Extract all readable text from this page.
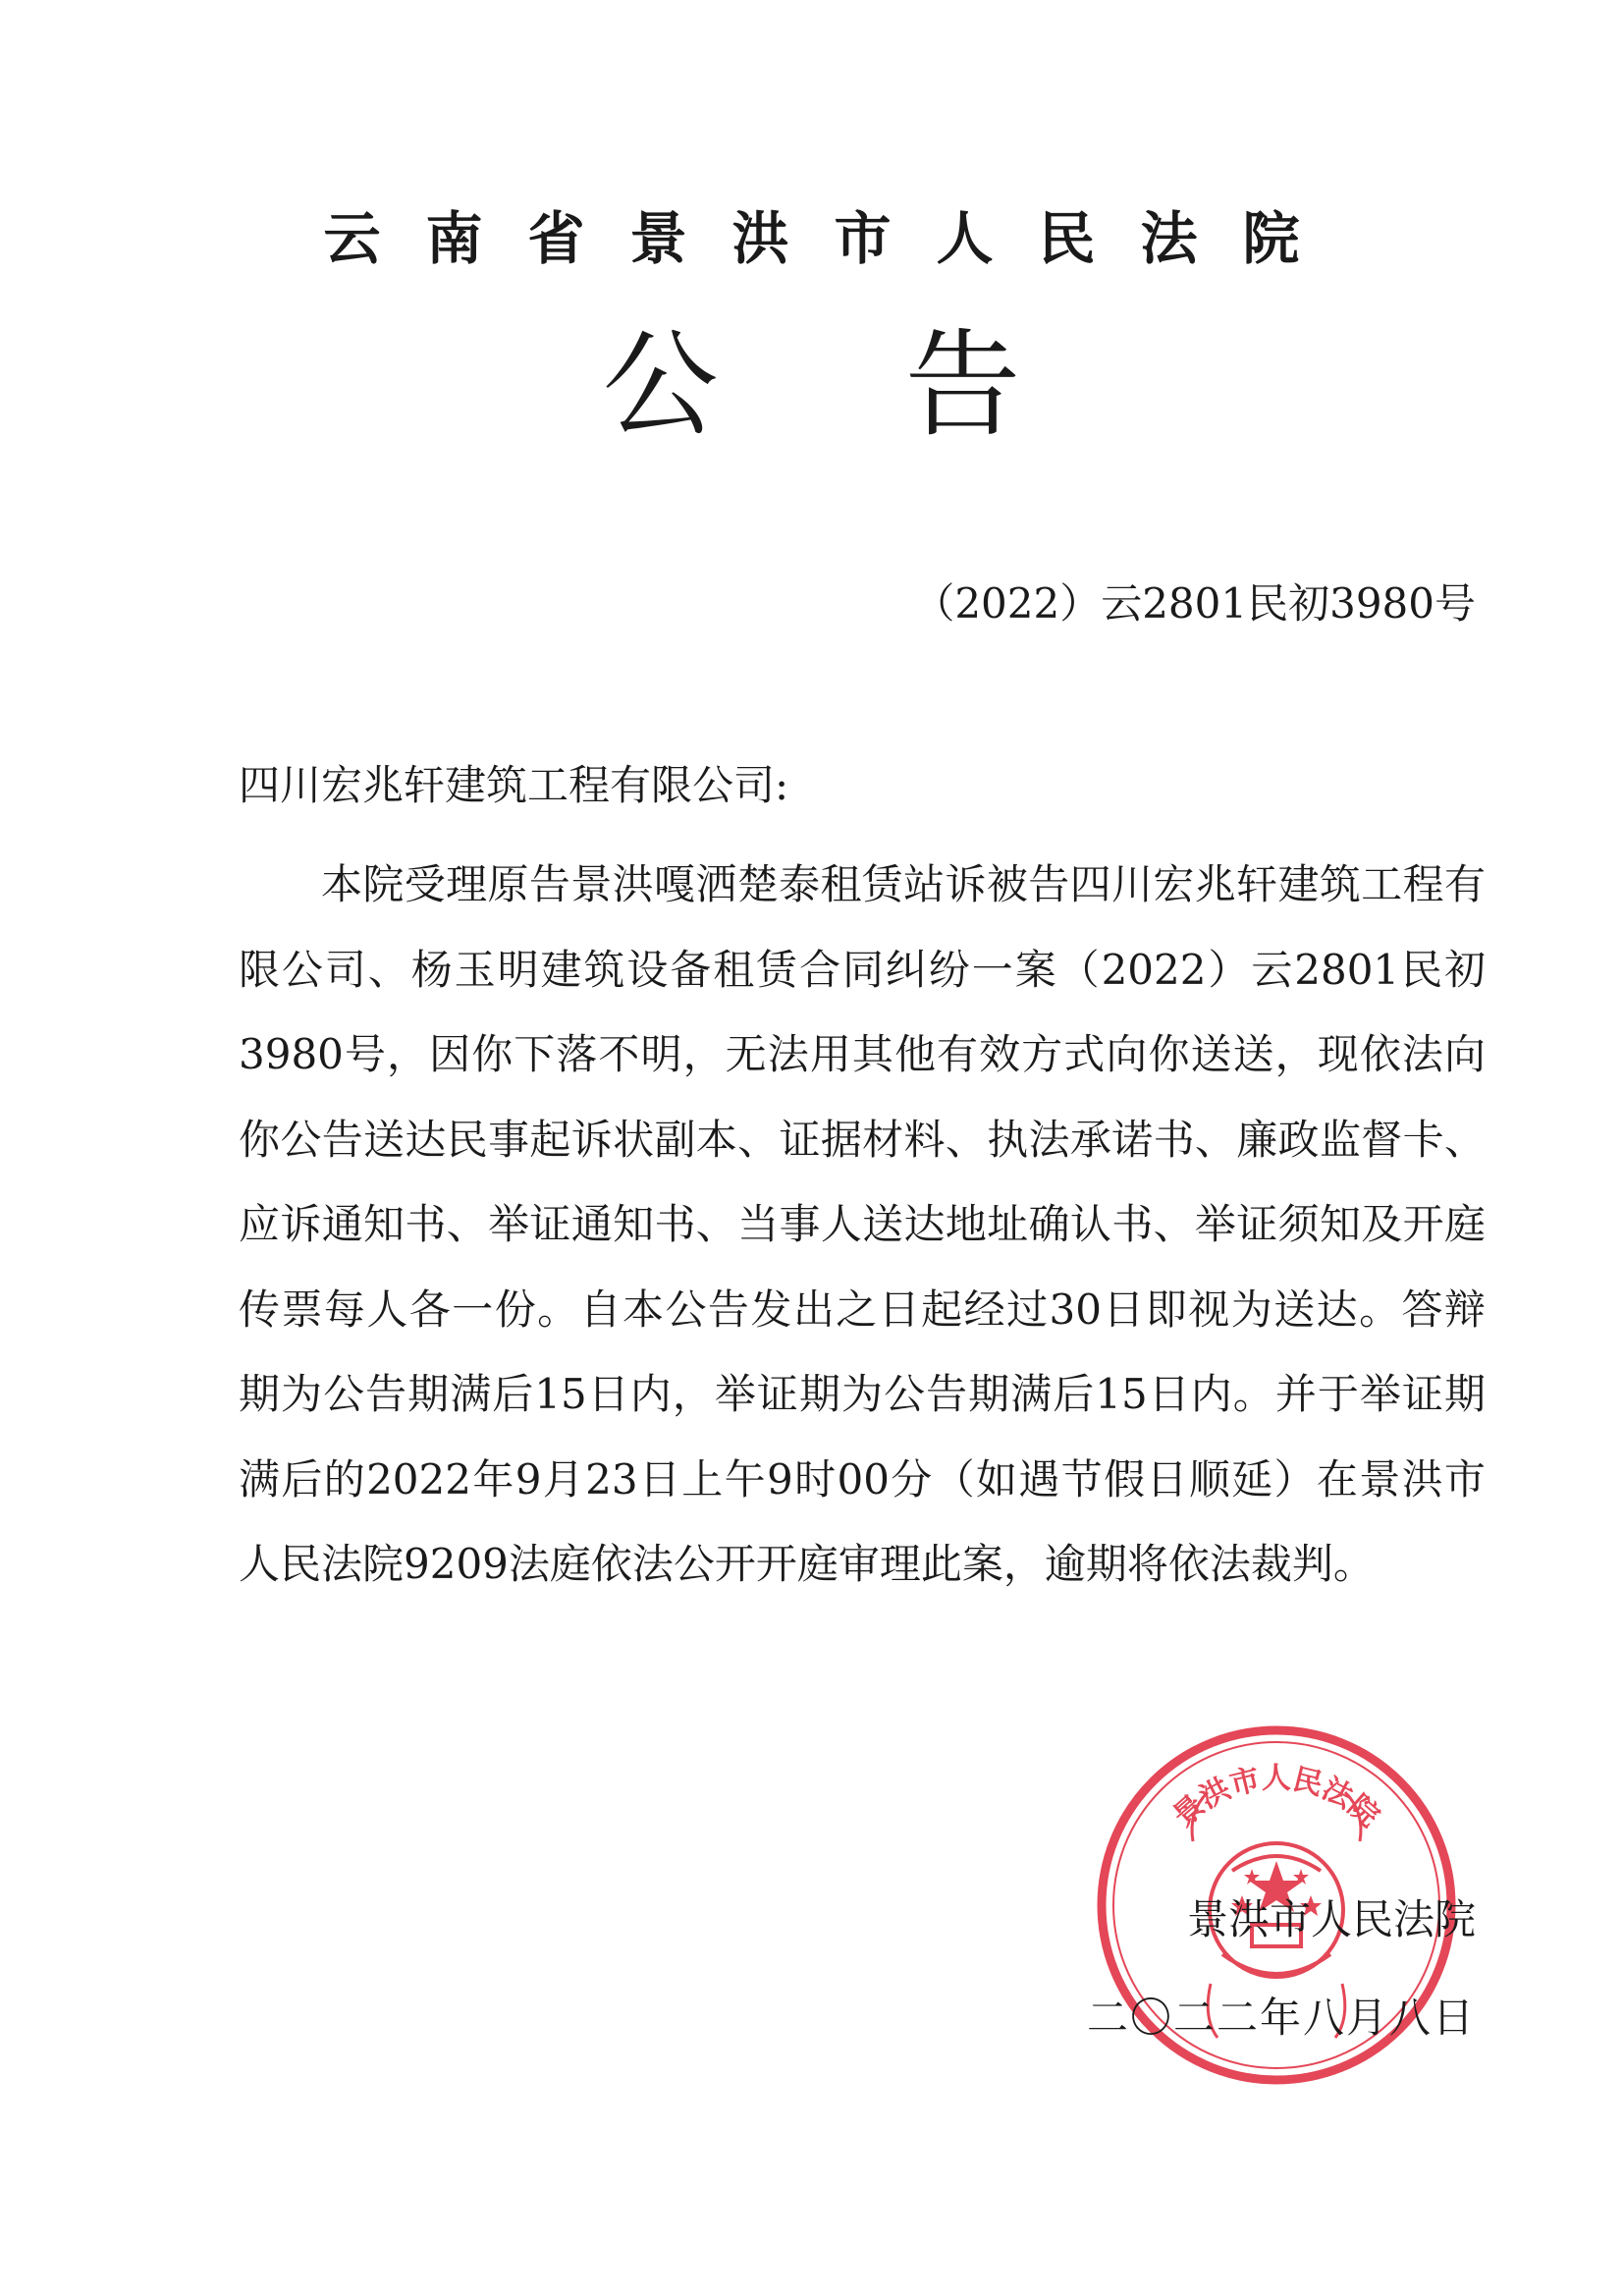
云南省景洪市人民法院
公告
（2022）云2801民初3980号
四川宏兆轩建筑工程有限公司:

本院受理原告景洪嘎洒楚泰租赁站诉被告四川宏兆轩建筑工程有限公司、杨玉明建筑设备租赁合同纠纷一案（2022）云2801民初3980号，因你下落不明，无法用其他有效方式向你送送，现依法向你公告送达民事起诉状副本、证据材料、执法承诺书、廉政监督卡、应诉通知书、举证通知书、当事人送达地址确认书、举证须知及开庭传票每人各一份。自本公告发出之日起经过30日即视为送达。答辩期为公告期满后15日内，举证期为公告期满后15日内。并于举证期满后的2022年9月23日上午9时00分（如遇节假日顺延）在景洪市人民法院9209法庭依法公开开庭审理此案，逾期将依法裁判。

景洪市人民法院
景洪市人民法院
二〇二二年八月八日
